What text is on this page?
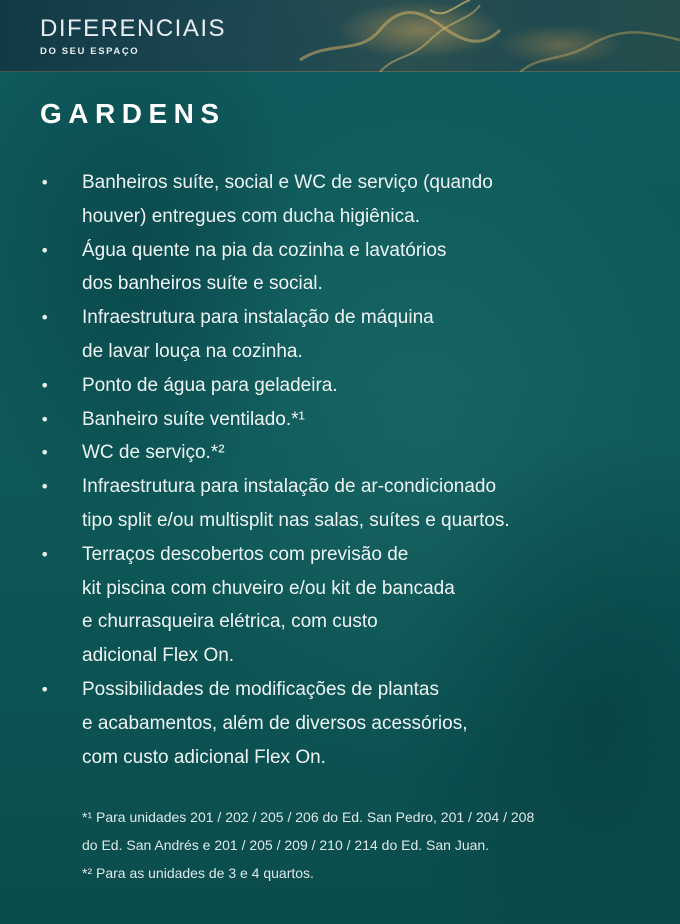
DIFERENCIAIS
DO SEU ESPAÇO
GARDENS
• Banheiros suíte, social e WC de serviço (quando
houver) entregues com ducha higiênica.
• Água quente na pia da cozinha e lavatórios
dos banheiros suíte e social.
• Infraestrutura para instalação de máquina
de lavar louça na cozinha.
• Ponto de água para geladeira.
• Banheiro suíte ventilado.*¹
• WC de serviço.*²
• Infraestrutura para instalação de ar-condicionado
tipo split e/ou multisplit nas salas, suítes e quartos.
• Terraços descobertos com previsão de
kit piscina com chuveiro e/ou kit de bancada
e churrasqueira elétrica, com custo
adicional Flex On.
• Possibilidades de modificações de plantas
e acabamentos, além de diversos acessórios,
com custo adicional Flex On.
*¹ Para unidades 201 / 202 / 205 / 206 do Ed. San Pedro, 201 / 204 / 208
do Ed. San Andrés e 201 / 205 / 209 / 210 / 214 do Ed. San Juan.
*² Para as unidades de 3 e 4 quartos.
